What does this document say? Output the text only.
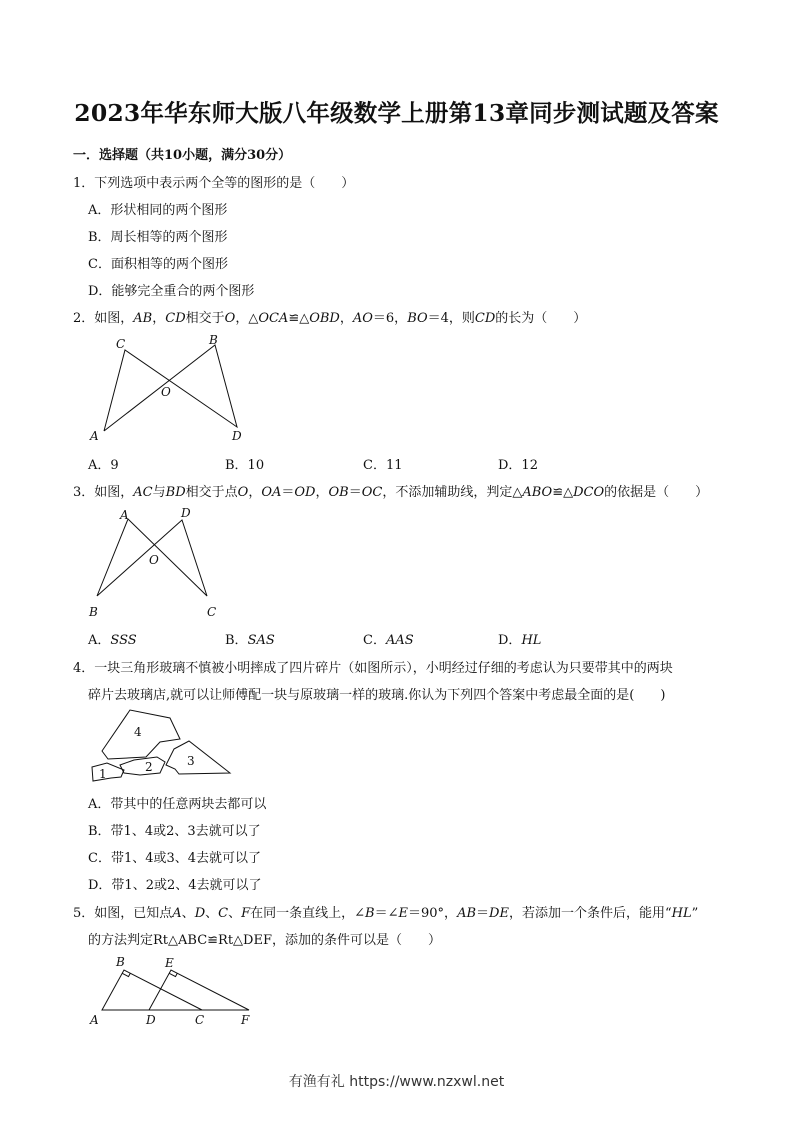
2023年华东师大版八年级数学上册第13章同步测试题及答案
一．选择题（共10小题，满分30分）
1．下列选项中表示两个全等的图形的是（　　）
A．形状相同的两个图形
B．周长相等的两个图形
C．面积相等的两个图形
D．能够完全重合的两个图形
2．如图，AB，CD相交于O，△OCA≌△OBD，AO＝6，BO＝4，则CD的长为（　　）
C	B
O
A	D
A．9	B．10	C．11	D．12
3．如图，AC与BD相交于点O，OA＝OD，OB＝OC，不添加辅助线，判定△ABO≌△DCO的依据是（　　）
A	D
O
B	C
A．SSS	B．SAS	C．AAS	D．HL
4．一块三角形玻璃不慎被小明摔成了四片碎片（如图所示），小明经过仔细的考虑认为只要带其中的两块
碎片去玻璃店,就可以让师傅配一块与原玻璃一样的玻璃.你认为下列四个答案中考虑最全面的是(　　)
4
1	2	3
A．带其中的任意两块去都可以
B．带1、4或2、3去就可以了
C．带1、4或3、4去就可以了
D．带1、2或2、4去就可以了
5．如图，已知点A、D、C、F在同一条直线上，∠B＝∠E＝90°，AB＝DE，若添加一个条件后，能用“HL”
的方法判定Rt△ABC≌Rt△DEF，添加的条件可以是（　　）
B	E
A	D	C	F
有渔有礼 https://www.nzxwl.net
